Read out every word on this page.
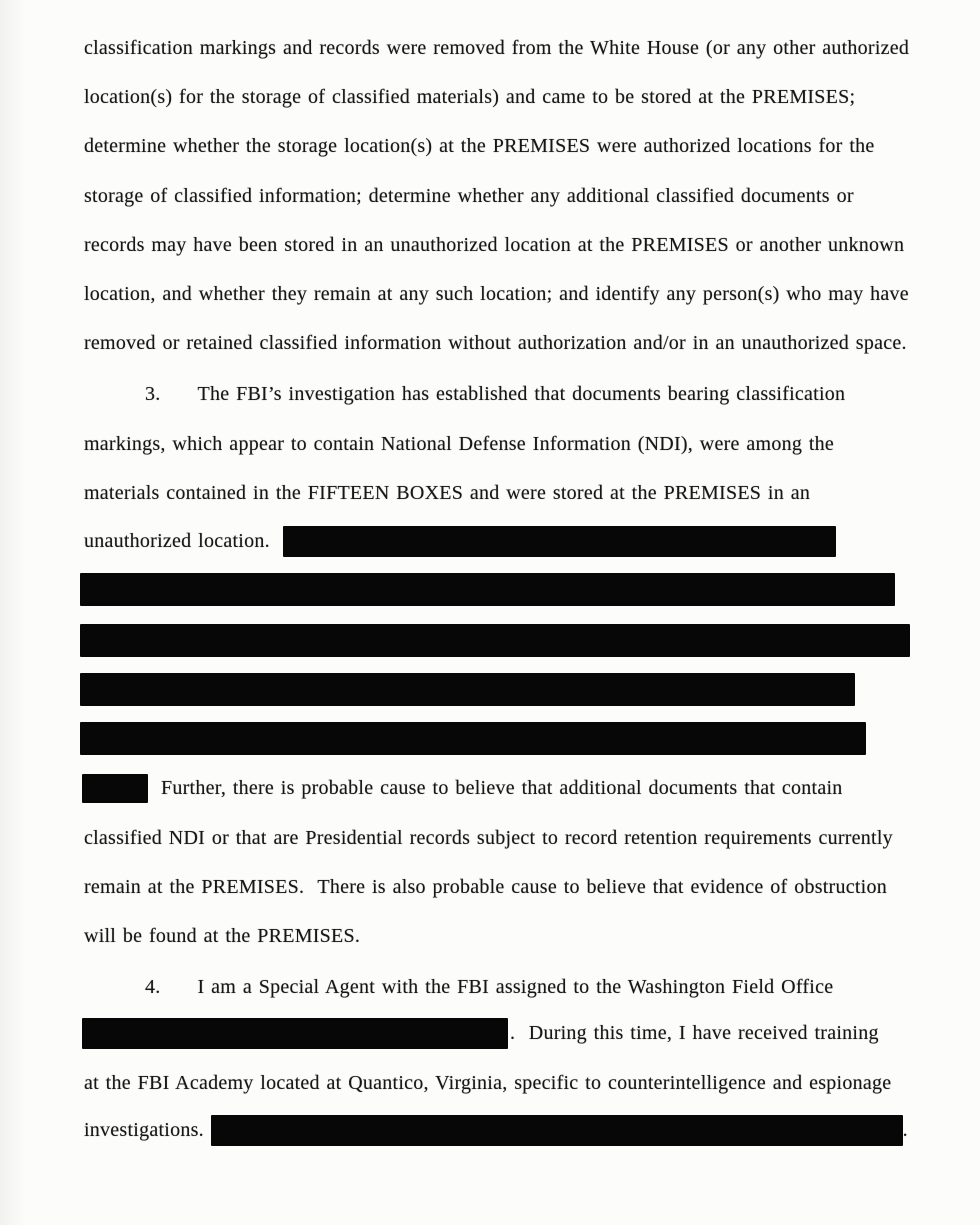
classification markings and records were removed from the White House (or any other authorized
location(s) for the storage of classified materials) and came to be stored at the PREMISES;
determine whether the storage location(s) at the PREMISES were authorized locations for the
storage of classified information; determine whether any additional classified documents or
records may have been stored in an unauthorized location at the PREMISES or another unknown
location, and whether they remain at any such location; and identify any person(s) who may have
removed or retained classified information without authorization and/or in an unauthorized space.
3. The FBI’s investigation has established that documents bearing classification
markings, which appear to contain National Defense Information (NDI), were among the
materials contained in the FIFTEEN BOXES and were stored at the PREMISES in an
unauthorized location.
Further, there is probable cause to believe that additional documents that contain
classified NDI or that are Presidential records subject to record retention requirements currently
remain at the PREMISES.  There is also probable cause to believe that evidence of obstruction
will be found at the PREMISES.
4. I am a Special Agent with the FBI assigned to the Washington Field Office
.  During this time, I have received training
at the FBI Academy located at Quantico, Virginia, specific to counterintelligence and espionage
investigations.	.
